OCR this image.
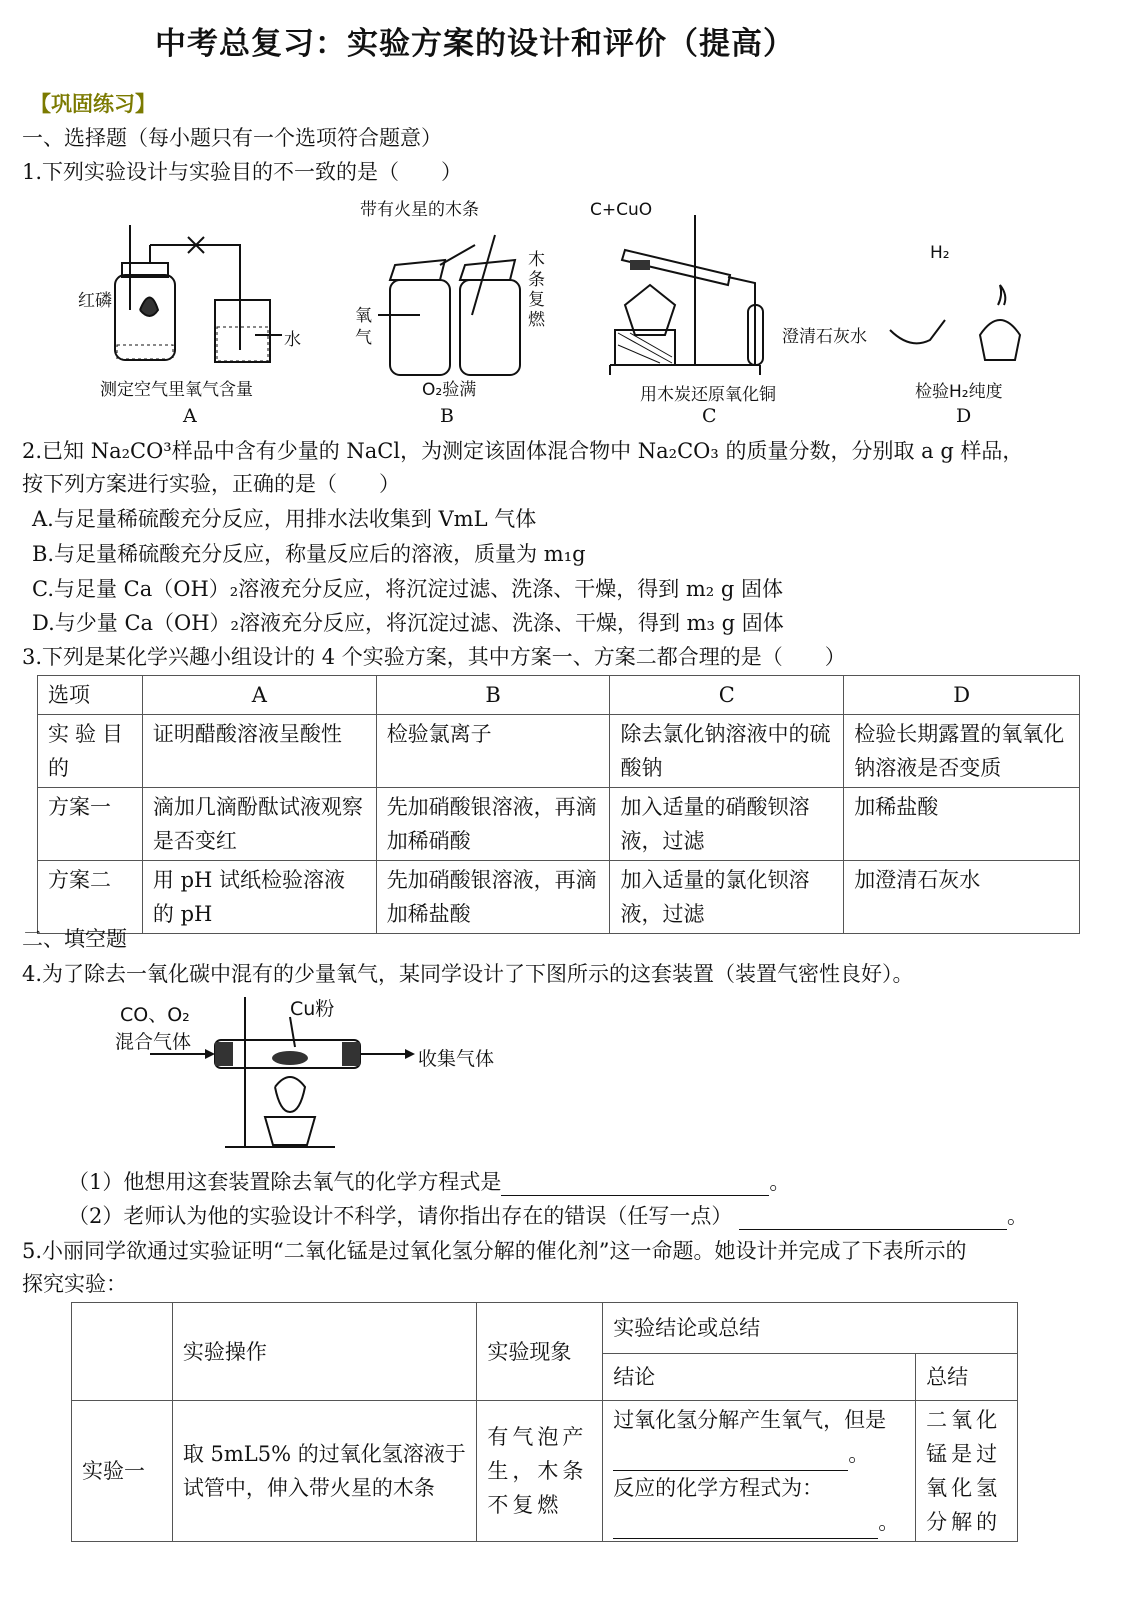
中考总复习：实验方案的设计和评价（提高）
【巩固练习】
一、选择题（每小题只有一个选项符合题意）
1.下列实验设计与实验目的不一致的是（　　）
红磷
水
测定空气里氧气含量
A
带有火星的木条
氧气
木条复燃
O₂验满
B
C+CuO
澄清石灰水
用木炭还原氧化铜
C
H₂
检验H₂纯度
D
2.已知 Na₂CO³样品中含有少量的 NaCl，为测定该固体混合物中 Na₂CO₃ 的质量分数，分别取 a g 样品，
按下列方案进行实验，正确的是（　　）
A.与足量稀硫酸充分反应，用排水法收集到 VmL 气体
B.与足量稀硫酸充分反应，称量反应后的溶液，质量为 m₁g
C.与足量 Ca（OH）₂溶液充分反应，将沉淀过滤、洗涤、干燥，得到 m₂ g 固体
D.与少量 Ca（OH）₂溶液充分反应，将沉淀过滤、洗涤、干燥，得到 m₃ g 固体
3.下列是某化学兴趣小组设计的 4 个实验方案，其中方案一、方案二都合理的是（　　）
选项	A	B	C	D
实验目的	证明醋酸溶液呈酸性	检验氯离子	除去氯化钠溶液中的硫酸钠	检验长期露置的氧氧化钠溶液是否变质
方案一	滴加几滴酚酞试液观察是否变红	先加硝酸银溶液，再滴加稀硝酸	加入适量的硝酸钡溶液，过滤	加稀盐酸
方案二	用 pH 试纸检验溶液的 pH	先加硝酸银溶液，再滴加稀盐酸	加入适量的氯化钡溶液，过滤	加澄清石灰水
二、填空题
4.为了除去一氧化碳中混有的少量氧气，某同学设计了下图所示的这套装置（装置气密性良好）。
CO、O₂
混合气体
Cu粉
收集气体
（1）他想用这套装置除去氧气的化学方程式是	。
（2）老师认为他的实验设计不科学，请你指出存在的错误（任写一点）	。
5.小丽同学欲通过实验证明“二氧化锰是过氧化氢分解的催化剂”这一命题。她设计并完成了下表所示的
探究实验：
	实验操作	实验现象	实验结论或总结	
			结论	总结
实验一	取 5mL5% 的过氧化氢溶液于试管中，伸入带火星的木条	有气泡产生，木条不复燃	过氧化氢分解产生氧气，但是
。
反应的化学方程式为：
。	二氧化锰是过氧化氢分解的
